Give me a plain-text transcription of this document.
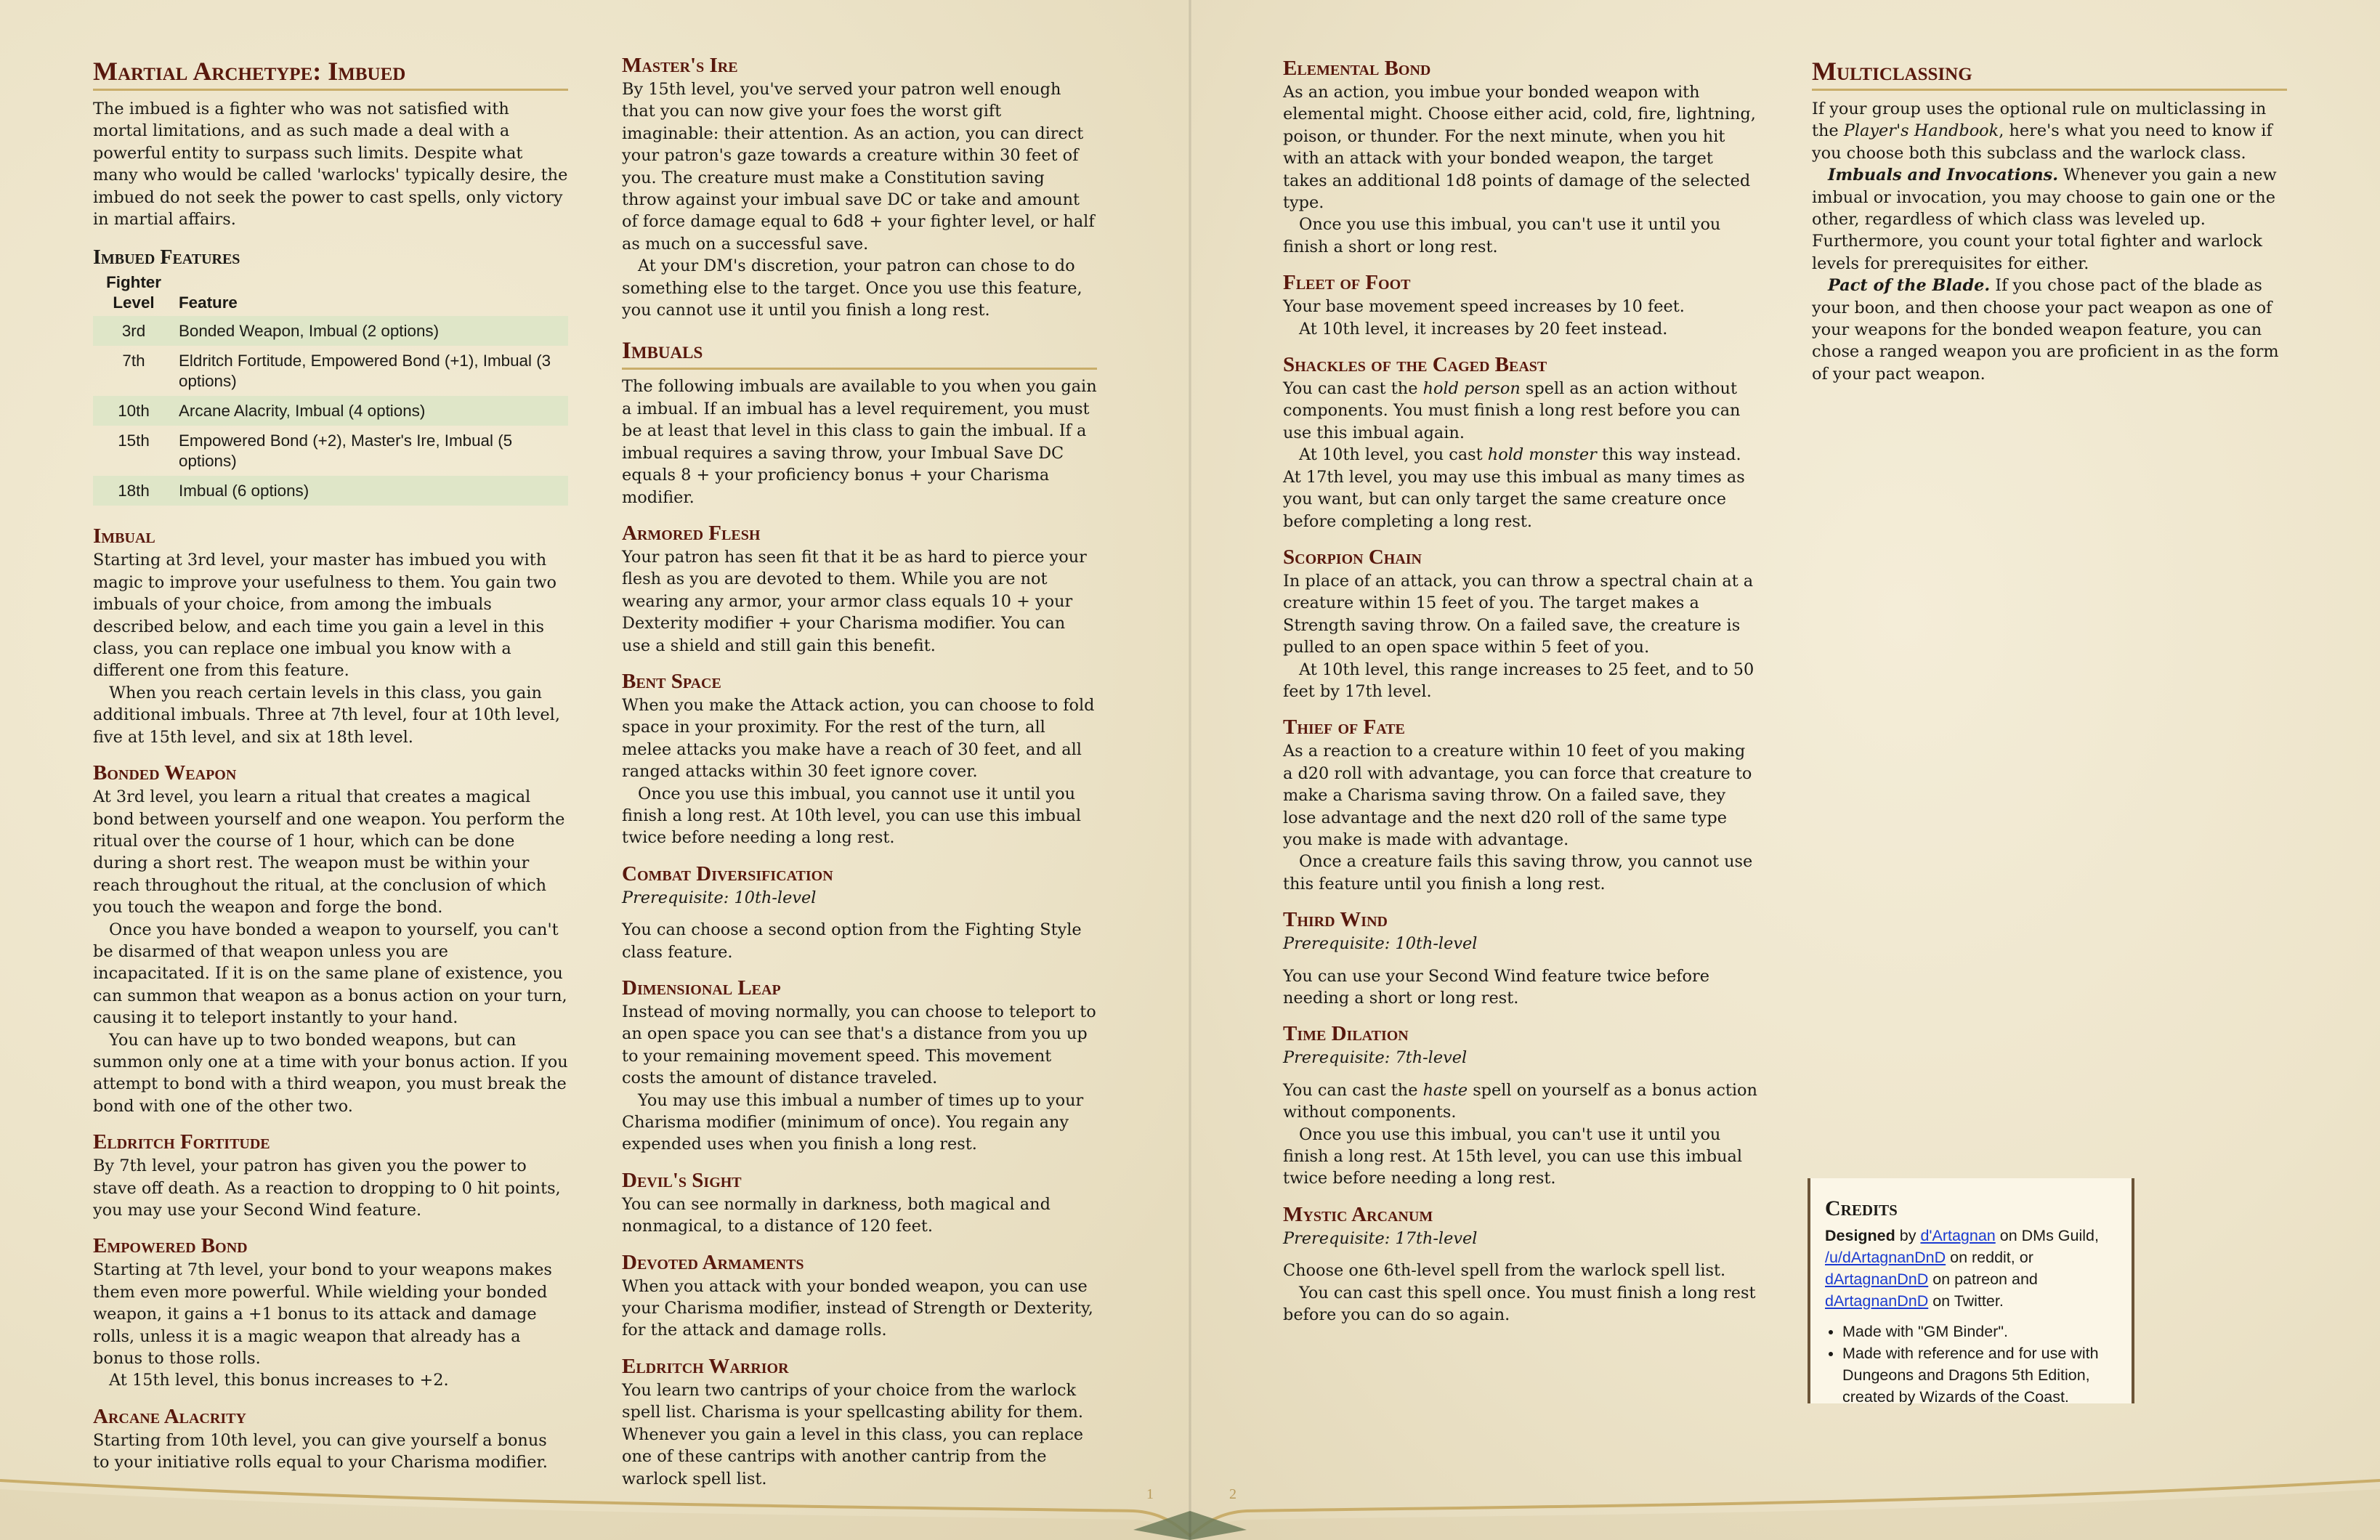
Martial Archetype: Imbued

The imbued is a fighter who was not satisfied with mortal limitations, and as such made a deal with a powerful entity to surpass such limits. Despite what many who would be called 'warlocks' typically desire, the imbued do not seek the power to cast spells, only victory in martial affairs.

Imbued Features
Fighter Level	Feature
3rd	Bonded Weapon, Imbual (2 options)
7th	Eldritch Fortitude, Empowered Bond (+1), Imbual (3 options)
10th	Arcane Alacrity, Imbual (4 options)
15th	Empowered Bond (+2), Master's Ire, Imbual (5 options)
18th	Imbual (6 options)
Imbual

Starting at 3rd level, your master has imbued you with magic to improve your usefulness to them. You gain two imbuals of your choice, from among the imbuals described below, and each time you gain a level in this class, you can replace one imbual you know with a different one from this feature.

When you reach certain levels in this class, you gain additional imbuals. Three at 7th level, four at 10th level, five at 15th level, and six at 18th level.

Bonded Weapon

At 3rd level, you learn a ritual that creates a magical bond between yourself and one weapon. You perform the ritual over the course of 1 hour, which can be done during a short rest. The weapon must be within your reach throughout the ritual, at the conclusion of which you touch the weapon and forge the bond.

Once you have bonded a weapon to yourself, you can't be disarmed of that weapon unless you are incapacitated. If it is on the same plane of existence, you can summon that weapon as a bonus action on your turn, causing it to teleport instantly to your hand.

You can have up to two bonded weapons, but can summon only one at a time with your bonus action. If you attempt to bond with a third weapon, you must break the bond with one of the other two.

Eldritch Fortitude

By 7th level, your patron has given you the power to stave off death. As a reaction to dropping to 0 hit points, you may use your Second Wind feature.

Empowered Bond

Starting at 7th level, your bond to your weapons makes them even more powerful. While wielding your bonded weapon, it gains a +1 bonus to its attack and damage rolls, unless it is a magic weapon that already has a bonus to those rolls.

At 15th level, this bonus increases to +2.

Arcane Alacrity

Starting from 10th level, you can give yourself a bonus to your initiative rolls equal to your Charisma modifier.

Master's Ire

By 15th level, you've served your patron well enough that you can now give your foes the worst gift imaginable: their attention. As an action, you can direct your patron's gaze towards a creature within 30 feet of you. The creature must make a Constitution saving throw against your imbual save DC or take and amount of force damage equal to 6d8 + your fighter level, or half as much on a successful save.

At your DM's discretion, your patron can chose to do something else to the target. Once you use this feature, you cannot use it until you finish a long rest.

Imbuals

The following imbuals are available to you when you gain a imbual. If an imbual has a level requirement, you must be at least that level in this class to gain the imbual. If a imbual requires a saving throw, your Imbual Save DC equals 8 + your proficiency bonus + your Charisma modifier.

Armored Flesh

Your patron has seen fit that it be as hard to pierce your flesh as you are devoted to them. While you are not wearing any armor, your armor class equals 10 + your Dexterity modifier + your Charisma modifier. You can use a shield and still gain this benefit.

Bent Space

When you make the Attack action, you can choose to fold space in your proximity. For the rest of the turn, all melee attacks you make have a reach of 30 feet, and all ranged attacks within 30 feet ignore cover.

Once you use this imbual, you cannot use it until you finish a long rest. At 10th level, you can use this imbual twice before needing a long rest.

Combat Diversification
Prerequisite: 10th-level

You can choose a second option from the Fighting Style class feature.

Dimensional Leap

Instead of moving normally, you can choose to teleport to an open space you can see that's a distance from you up to your remaining movement speed. This movement costs the amount of distance traveled.

You may use this imbual a number of times up to your Charisma modifier (minimum of once). You regain any expended uses when you finish a long rest.

Devil's Sight

You can see normally in darkness, both magical and nonmagical, to a distance of 120 feet.

Devoted Armaments

When you attack with your bonded weapon, you can use your Charisma modifier, instead of Strength or Dexterity, for the attack and damage rolls.

Eldritch Warrior

You learn two cantrips of your choice from the warlock spell list. Charisma is your spellcasting ability for them. Whenever you gain a level in this class, you can replace one of these cantrips with another cantrip from the warlock spell list.

1
Elemental Bond

As an action, you imbue your bonded weapon with elemental might. Choose either acid, cold, fire, lightning, poison, or thunder. For the next minute, when you hit with an attack with your bonded weapon, the target takes an additional 1d8 points of damage of the selected type.

Once you use this imbual, you can't use it until you finish a short or long rest.

Fleet of Foot

Your base movement speed increases by 10 feet.

At 10th level, it increases by 20 feet instead.

Shackles of the Caged Beast

You can cast the hold person spell as an action without components. You must finish a long rest before you can use this imbual again.

At 10th level, you cast hold monster this way instead. At 17th level, you may use this imbual as many times as you want, but can only target the same creature once before completing a long rest.

Scorpion Chain

In place of an attack, you can throw a spectral chain at a creature within 15 feet of you. The target makes a Strength saving throw. On a failed save, the creature is pulled to an open space within 5 feet of you.

At 10th level, this range increases to 25 feet, and to 50 feet by 17th level.

Thief of Fate

As a reaction to a creature within 10 feet of you making a d20 roll with advantage, you can force that creature to make a Charisma saving throw. On a failed save, they lose advantage and the next d20 roll of the same type you make is made with advantage.

Once a creature fails this saving throw, you cannot use this feature until you finish a long rest.

Third Wind
Prerequisite: 10th-level

You can use your Second Wind feature twice before needing a short or long rest.

Time Dilation
Prerequisite: 7th-level

You can cast the haste spell on yourself as a bonus action without components.

Once you use this imbual, you can't use it until you finish a long rest. At 15th level, you can use this imbual twice before needing a long rest.

Mystic Arcanum
Prerequisite: 17th-level

Choose one 6th-level spell from the warlock spell list.

You can cast this spell once. You must finish a long rest before you can do so again.

Multiclassing

If your group uses the optional rule on multiclassing in the Player's Handbook, here's what you need to know if you choose both this subclass and the warlock class.

Imbuals and Invocations. Whenever you gain a new imbual or invocation, you may choose to gain one or the other, regardless of which class was leveled up. Furthermore, you count your total fighter and warlock levels for prerequisites for either.

Pact of the Blade. If you chose pact of the blade as your boon, and then choose your pact weapon as one of your weapons for the bonded weapon feature, you can chose a ranged weapon you are proficient in as the form of your pact weapon.

2
Credits
Designed by d'Artagnan on DMs Guild, /u/dArtagnanDnD on reddit, or dArtagnanDnD on patreon and dArtagnanDnD on Twitter.
• Made with "GM Binder".
• Made with reference and for use with Dungeons and Dragons 5th Edition, created by Wizards of the Coast.
